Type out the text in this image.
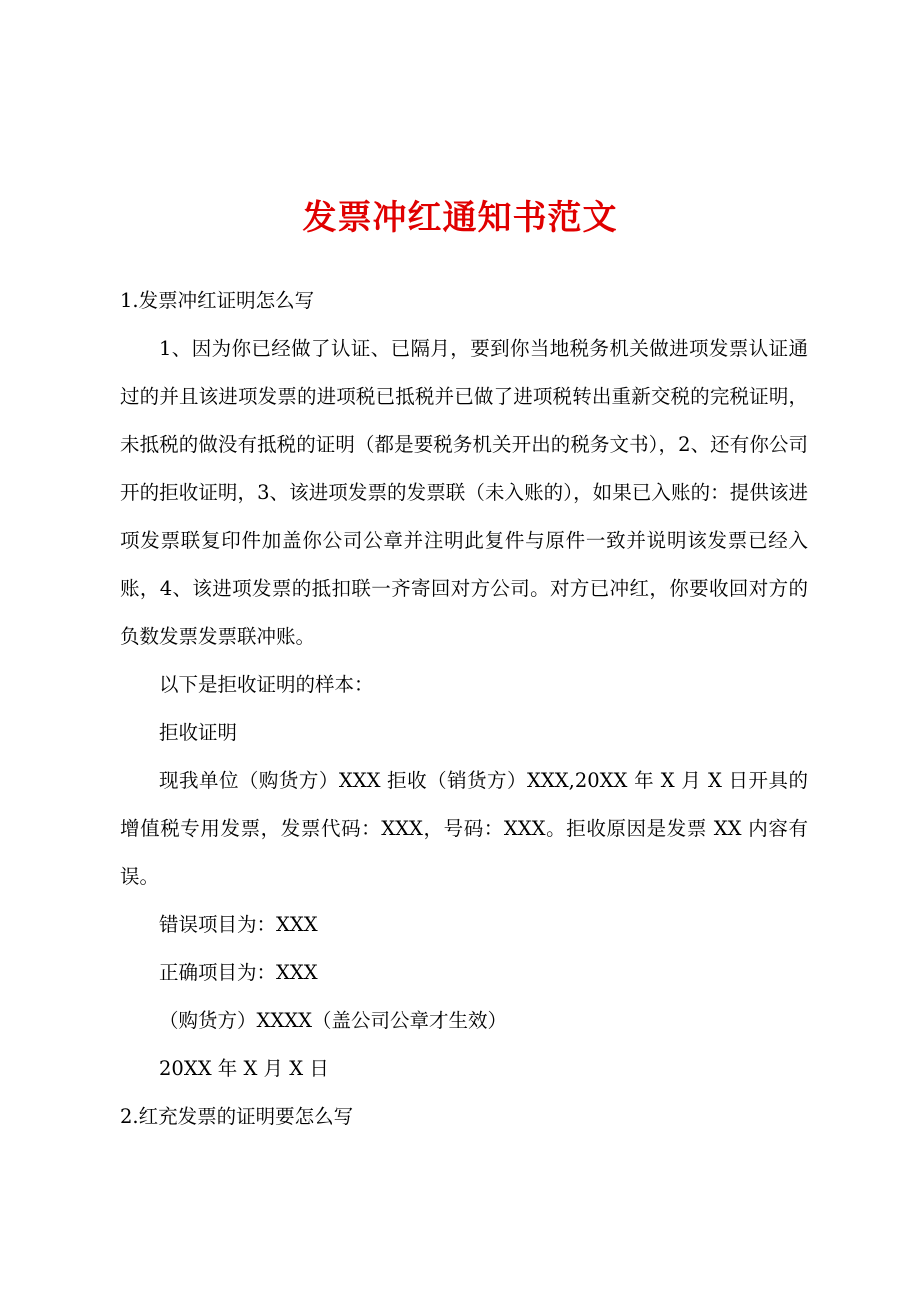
发票冲红通知书范文

1.发票冲红证明怎么写

1、因为你已经做了认证、已隔月，要到你当地税务机关做进项发票认证通过的并且该进项发票的进项税已抵税并已做了进项税转出重新交税的完税证明，未抵税的做没有抵税的证明（都是要税务机关开出的税务文书），2、还有你公司开的拒收证明，3、该进项发票的发票联（未入账的），如果已入账的：提供该进项发票联复印件加盖你公司公章并注明此复件与原件一致并说明该发票已经入账，4、该进项发票的抵扣联一齐寄回对方公司。对方已冲红，你要收回对方的负数发票发票联冲账。

以下是拒收证明的样本：

拒收证明

现我单位（购货方）XXX 拒收（销货方）XXX,20XX 年 X 月 X 日开具的增值税专用发票，发票代码：XXX，号码：XXX。拒收原因是发票 XX 内容有误。

错误项目为：XXX

正确项目为：XXX

（购货方）XXXX（盖公司公章才生效）

20XX 年 X 月 X 日

2.红充发票的证明要怎么写
